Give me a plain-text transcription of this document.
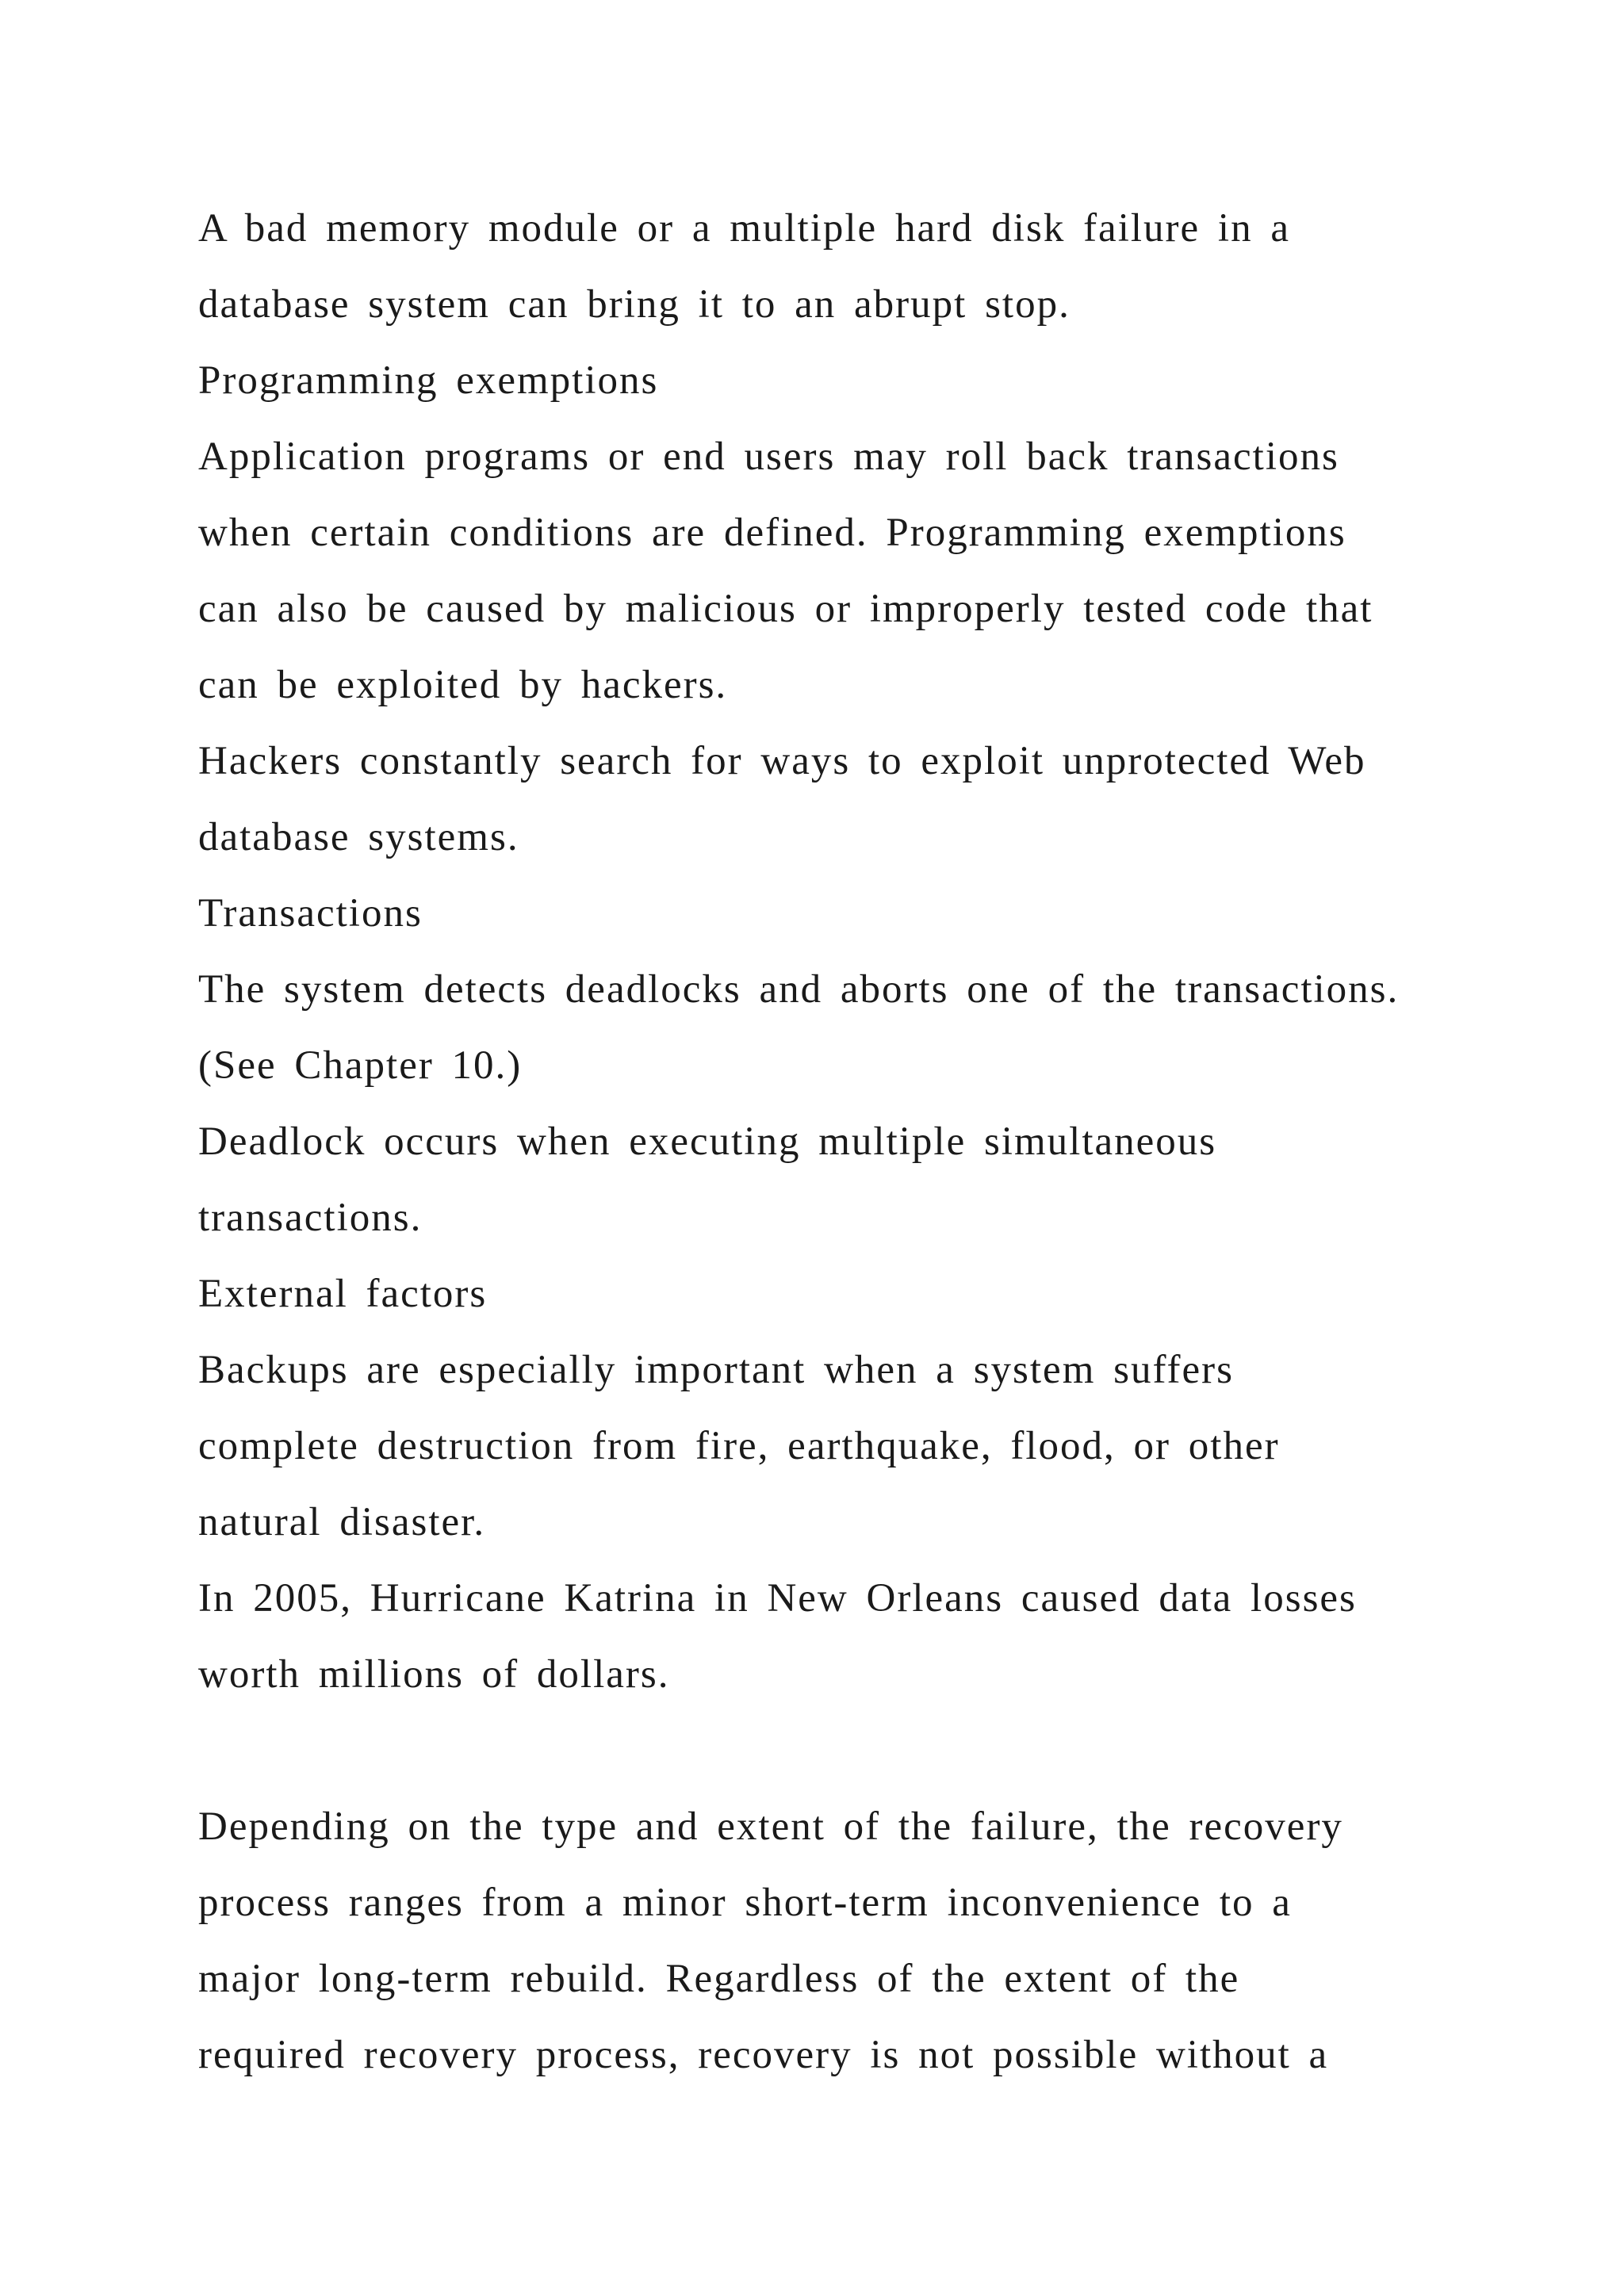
A bad memory module or a multiple hard disk failure in a
database system can bring it to an abrupt stop.
Programming exemptions
Application programs or end users may roll back transactions
when certain conditions are defined. Programming exemptions
can also be caused by malicious or improperly tested code that
can be exploited by hackers.
Hackers constantly search for ways to exploit unprotected Web
database systems.
Transactions
The system detects deadlocks and aborts one of the transactions.
(See Chapter 10.)
Deadlock occurs when executing multiple simultaneous
transactions.
External factors
Backups are especially important when a system suffers
complete destruction from fire, earthquake, flood, or other
natural disaster.
In 2005, Hurricane Katrina in New Orleans caused data losses
worth millions of dollars.
Depending on the type and extent of the failure, the recovery
process ranges from a minor short-term inconvenience to a
major long-term rebuild. Regardless of the extent of the
required recovery process, recovery is not possible without a
